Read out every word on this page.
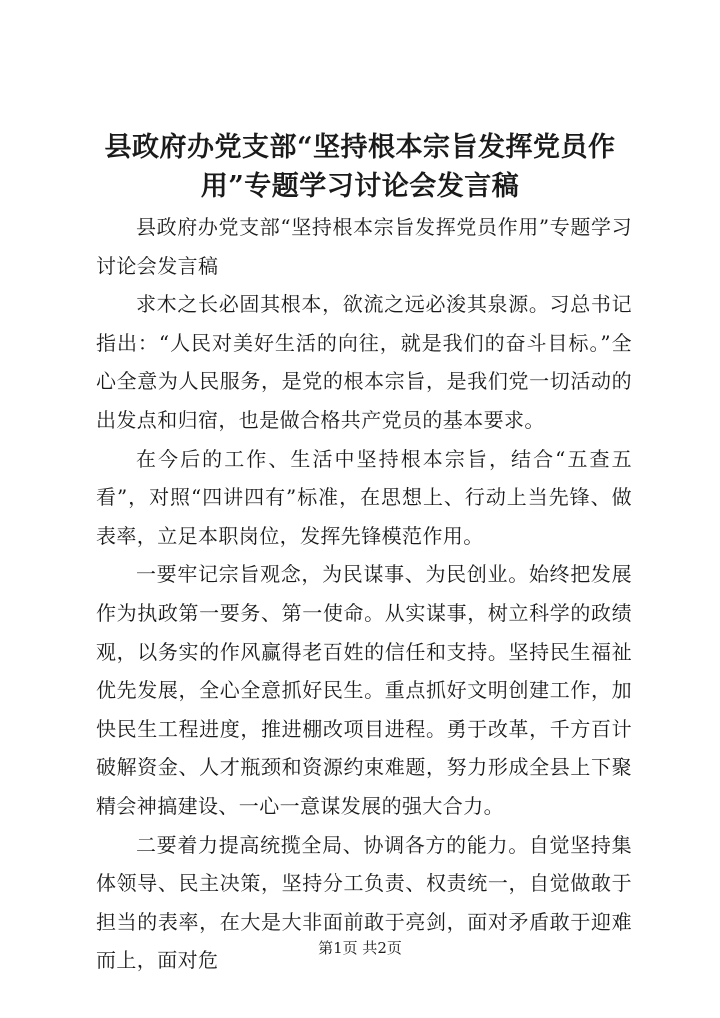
县政府办党支部“坚持根本宗旨发挥党员作用”专题学习讨论会发言稿

县政府办党支部“坚持根本宗旨发挥党员作用”专题学习讨论会发言稿

求木之长必固其根本，欲流之远必浚其泉源。习总书记指出：“人民对美好生活的向往，就是我们的奋斗目标。”全心全意为人民服务，是党的根本宗旨，是我们党一切活动的出发点和归宿，也是做合格共产党员的基本要求。

在今后的工作、生活中坚持根本宗旨，结合“五查五看”，对照“四讲四有”标准，在思想上、行动上当先锋、做表率，立足本职岗位，发挥先锋模范作用。

一要牢记宗旨观念，为民谋事、为民创业。始终把发展作为执政第一要务、第一使命。从实谋事，树立科学的政绩观，以务实的作风赢得老百姓的信任和支持。坚持民生福祉优先发展，全心全意抓好民生。重点抓好文明创建工作，加快民生工程进度，推进棚改项目进程。勇于改革，千方百计破解资金、人才瓶颈和资源约束难题，努力形成全县上下聚精会神搞建设、一心一意谋发展的强大合力。

二要着力提高统揽全局、协调各方的能力。自觉坚持集体领导、民主决策，坚持分工负责、权责统一，自觉做敢于担当的表率，在大是大非面前敢于亮剑，面对矛盾敢于迎难而上，面对危

第1页 共2页
